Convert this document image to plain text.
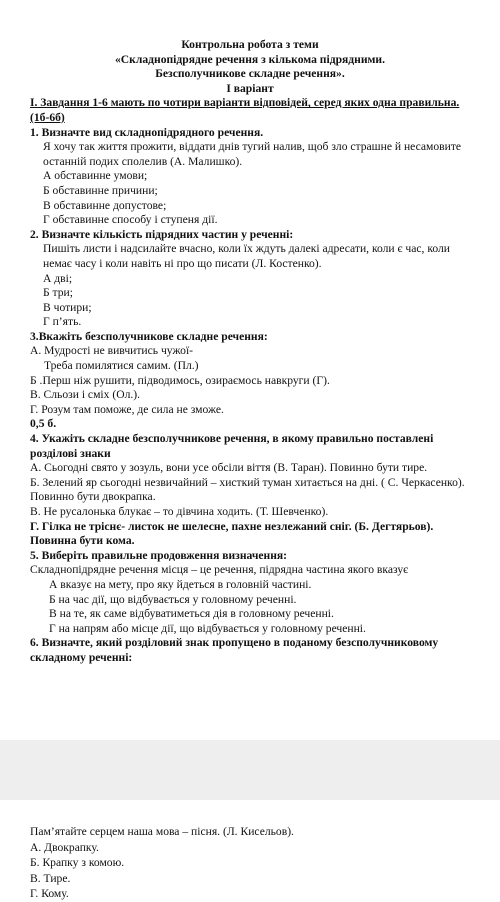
Контрольна робота з теми
«Складнопідрядне речення з кількома підрядними.
Безсполучникове складне речення».
І варіант
І. Завдання 1-6 мають по чотири варіанти відповідей, серед яких одна правильна. (1б-6б)
1. Визначте вид складнопідрядного речення.
Я хочу так життя прожити, віддати днів тугий налив, щоб зло страшне й несамовите останній подих сполелив (А. Малишко).
А обставинне умови;
Б обставинне причини;
В обставинне допустове;
Г обставинне способу і ступеня дії.
2. Визначте кількість підрядних частин у реченні:
Пишіть листи і надсилайте вчасно, коли їх ждуть далекі адресати, коли є час, коли немає часу і коли навіть ні про що писати (Л. Костенко).
А дві;
Б три;
В чотири;
Г п’ять.
3.Вкажіть безсполучникове складне речення:
А. Мудрості не вивчитись чужої-
Треба помилятися самим. (Пл.)
Б .Перш ніж рушити, підводимось, озираємось навкруги (Г).
В. Сльози і сміх (Ол.).
Г. Розум там поможе, де сила не зможе.
0,5 б.
4. Укажіть складне безсполучникове речення, в якому правильно поставлені розділові знаки
А. Сьогодні свято у зозуль, вони усе обсіли віття (В. Таран). Повинно бути тире.
Б. Зелений яр сьогодні незвичайний – хисткий туман хитається на дні. ( С. Черкасенко). Повинно бути двокрапка.
В. Не русалонька блукає – то дівчина ходить. (Т. Шевченко).
Г. Гілка не тріснє- листок не шелесне, пахне незлежаний сніг. (Б. Дегтярьов). Повинна бути кома.
5. Виберіть правильне продовження визначення:
Складнопідрядне речення місця – це речення, підрядна частина якого вказує
А вказує на мету, про яку йдеться в головній частині.
Б на час дії, що відбувається у головному реченні.
В на те, як саме відбуватиметься дія в головному реченні.
Г на напрям або місце дії, що відбувається у головному реченні.
6. Визначте, який розділовий знак пропущено в поданому безсполучниковому складному реченні:
Пам’ятайте серцем наша мова – пісня. (Л. Кисельов).
А. Двокрапку.
Б. Крапку з комою.
В. Тире.
Г. Кому.
